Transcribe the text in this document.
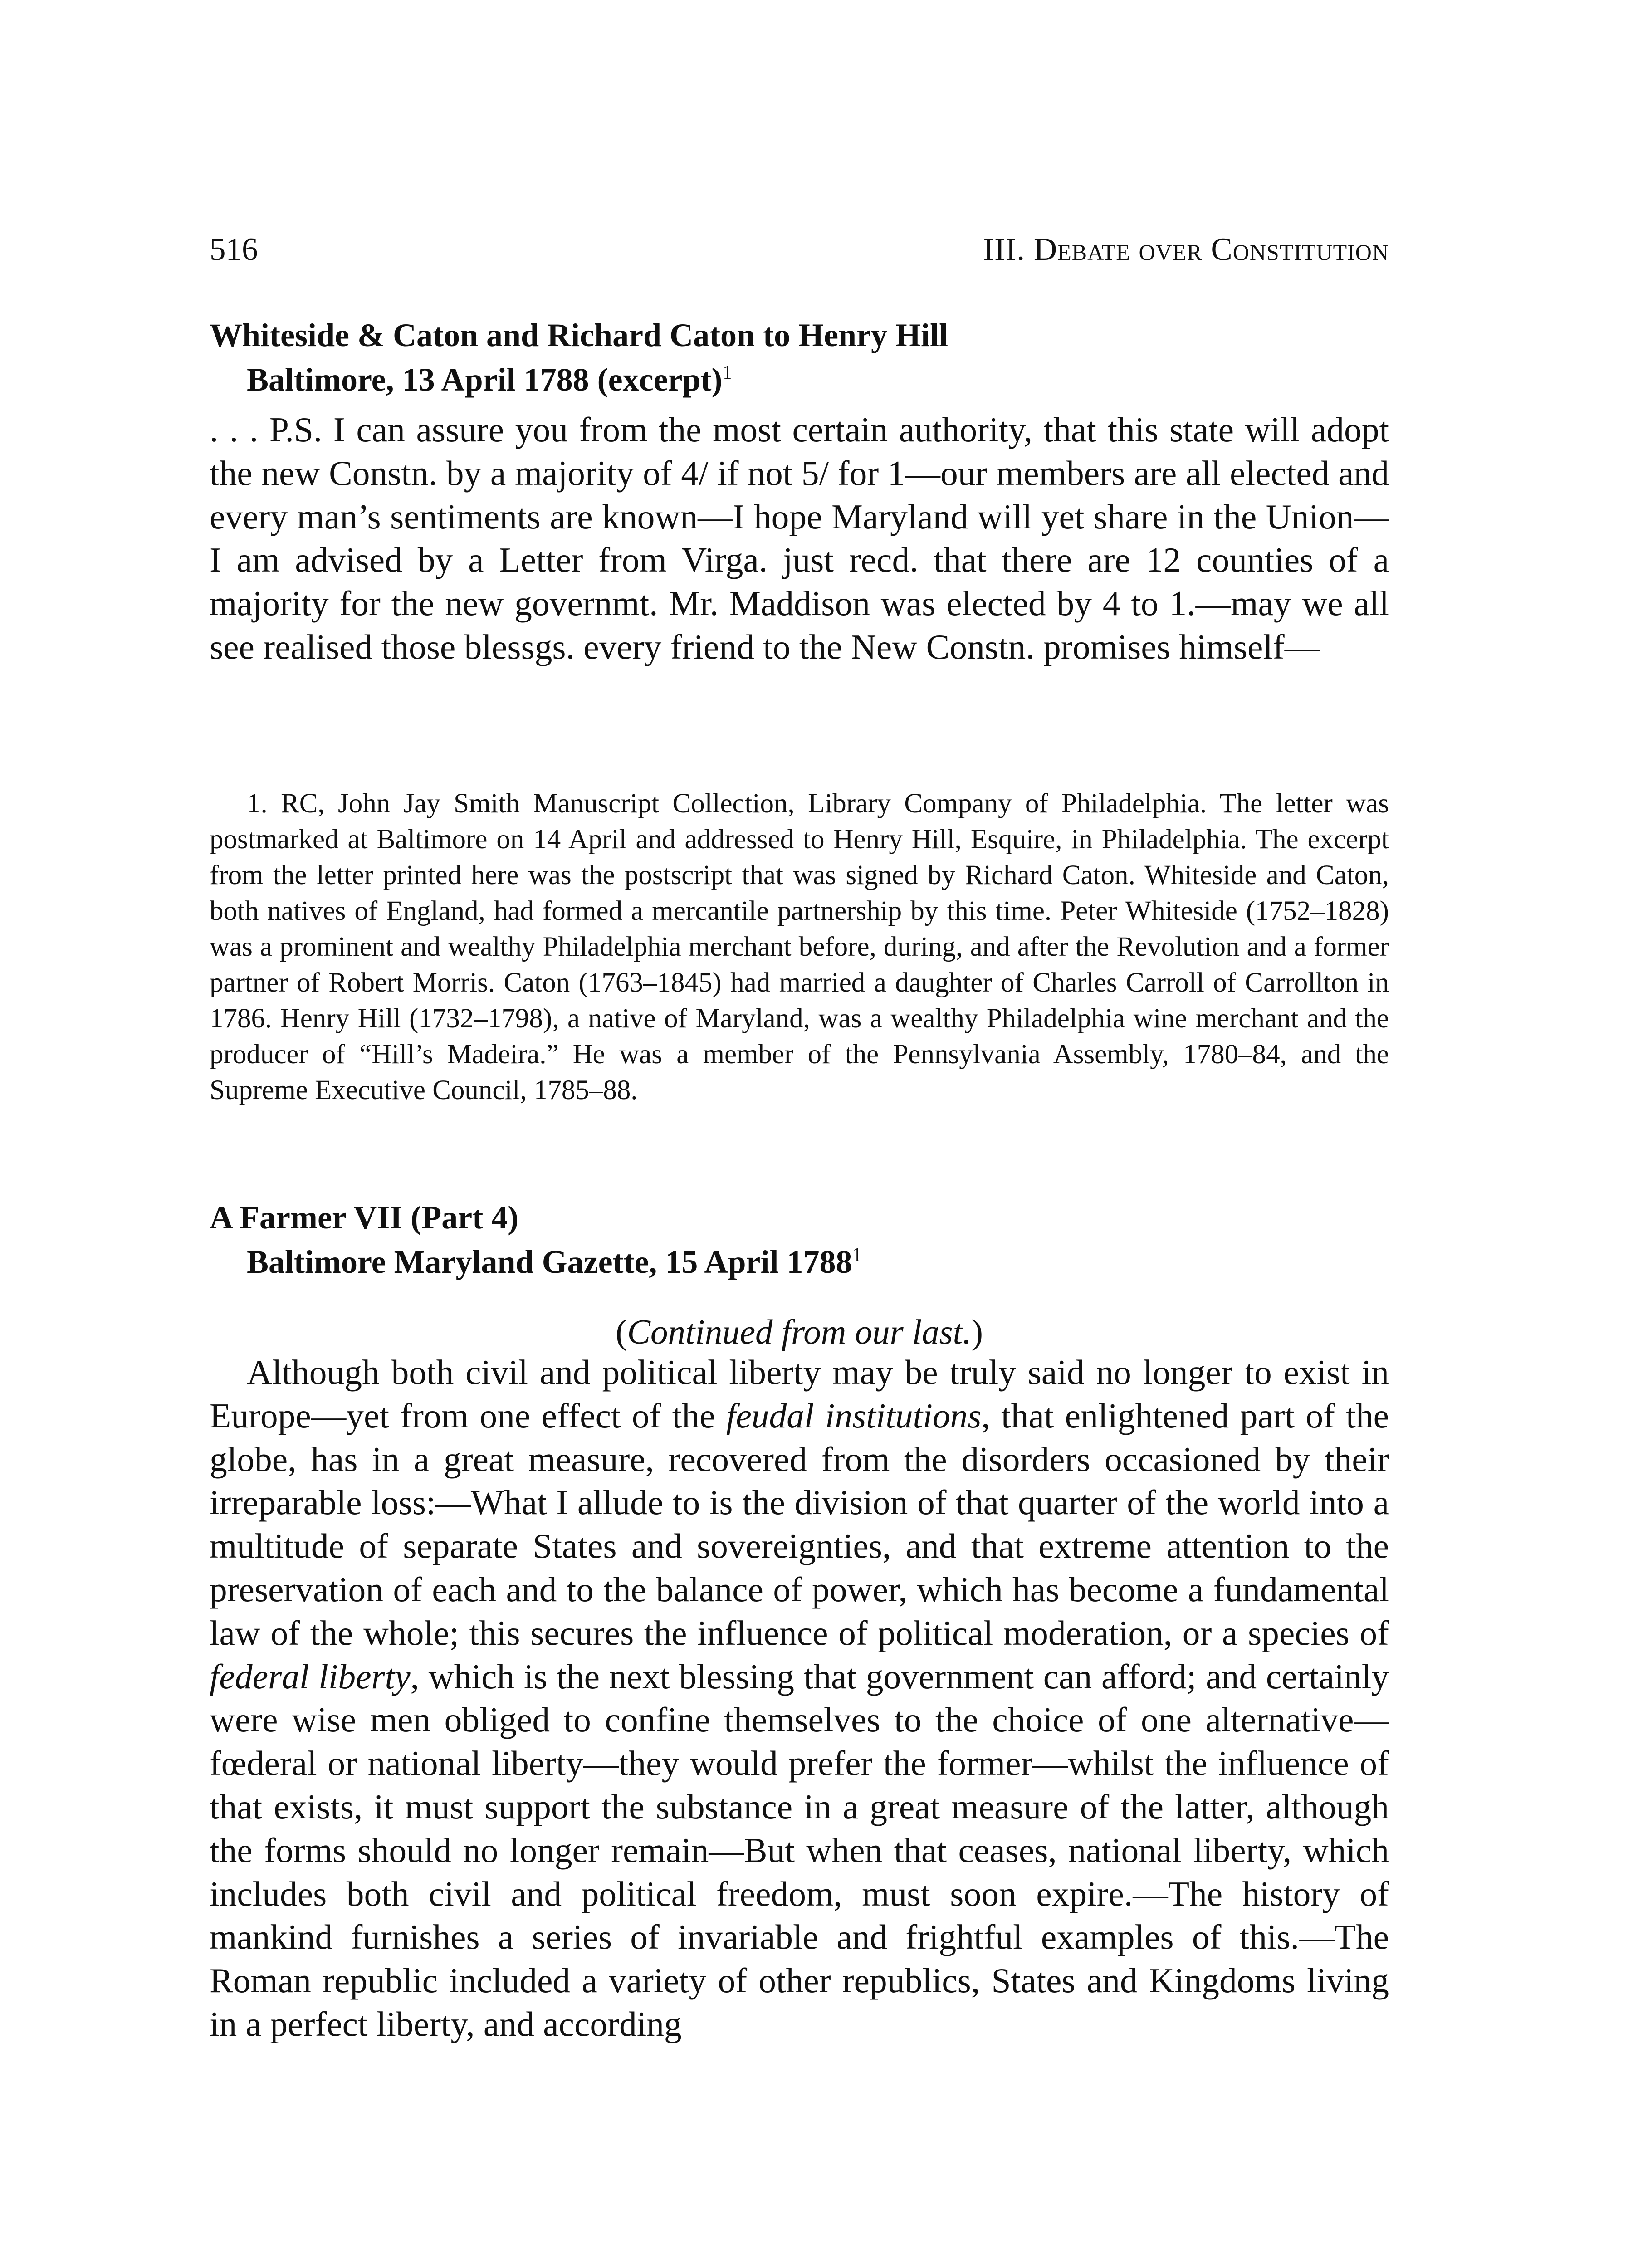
516	III. Debate over Constitution
Whiteside & Caton and Richard Caton to Henry Hill
Baltimore, 13 April 1788 (excerpt)$^1$

. . . P.S. I can assure you from the most certain authority, that this state will adopt the new Constn. by a majority of 4/ if not 5/ for 1—our members are all elected and every man’s sentiments are known—I hope Maryland will yet share in the Union—I am advised by a Letter from Virga. just recd. that there are 12 counties of a majority for the new governmt. Mr. Maddison was elected by 4 to 1.—may we all see realised those blessgs. every friend to the New Constn. promises himself—

1. RC, John Jay Smith Manuscript Collection, Library Company of Philadelphia. The letter was postmarked at Baltimore on 14 April and addressed to Henry Hill, Esquire, in Philadelphia. The excerpt from the letter printed here was the postscript that was signed by Richard Caton. Whiteside and Caton, both natives of England, had formed a mercantile partnership by this time. Peter Whiteside (1752–1828) was a prominent and wealthy Philadelphia merchant before, during, and after the Revolution and a former partner of Robert Morris. Caton (1763–1845) had married a daughter of Charles Carroll of Carrollton in 1786. Henry Hill (1732–1798), a native of Maryland, was a wealthy Philadelphia wine merchant and the producer of “Hill’s Madeira.” He was a member of the Pennsylvania Assembly, 1780–84, and the Supreme Executive Council, 1785–88.

A Farmer VII (Part 4)
Baltimore Maryland Gazette, 15 April 1788$^1$
(Continued from our last.)

Although both civil and political liberty may be truly said no longer to exist in Europe—yet from one effect of the feudal institutions, that enlightened part of the globe, has in a great measure, recovered from the disorders occasioned by their irreparable loss:—What I allude to is the division of that quarter of the world into a multitude of separate States and sovereignties, and that extreme attention to the preservation of each and to the balance of power, which has become a fundamental law of the whole; this secures the influence of political moderation, or a species of federal liberty, which is the next blessing that government can afford; and certainly were wise men obliged to confine themselves to the choice of one alternative—fœderal or national liberty—they would prefer the former—whilst the influence of that exists, it must support the substance in a great measure of the latter, although the forms should no longer remain—But when that ceases, national liberty, which includes both civil and political freedom, must soon expire.—The history of mankind furnishes a series of invariable and frightful examples of this.—The Roman republic included a variety of other republics, States and Kingdoms living in a perfect liberty, and according
